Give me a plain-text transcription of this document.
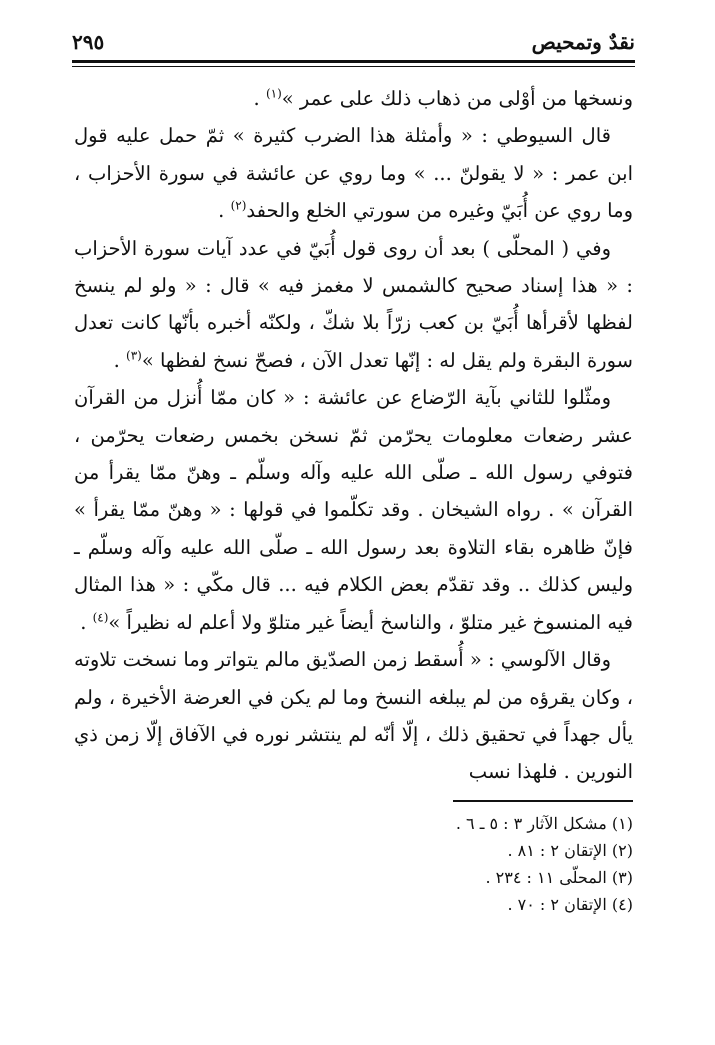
نقدٌ وتمحيص
٢٩٥

ونسخها من أوْلى من ذهاب ذلك على عمر »$^{(١)}$ .

قال السيوطي : « وأمثلة هذا الضرب كثيرة » ثمّ حمل عليه قول ابن عمر : « لا يقولنّ ... » وما روي عن عائشة في سورة الأحزاب ، وما روي عن أُبَيّ وغيره من سورتي الخلع والحفد$^{(٢)}$ .

وفي ( المحلّى ) بعد أن روى قول أُبَيّ في عدد آيات سورة الأحزاب : « هذا إسناد صحيح كالشمس لا مغمز فيه » قال : « ولو لم ينسخ لفظها لأقرأها أُبَيّ بن كعب زرّاً بلا شكّ ، ولكنّه أخبره بأنّها كانت تعدل سورة البقرة ولم يقل له : إنّها تعدل الآن ، فصحّ نسخ لفظها »$^{(٣)}$ .

ومثّلوا للثاني بآية الرّضاع عن عائشة : « كان ممّا أُنزل من القرآن عشر رضعات معلومات يحرّمن ثمّ نسخن بخمس رضعات يحرّمن ، فتوفي رسول الله ـ صلّى الله عليه وآله وسلّم ـ وهنّ ممّا يقرأ من القرآن » . رواه الشيخان . وقد تكلّموا في قولها : « وهنّ ممّا يقرأ » فإنّ ظاهره بقاء التلاوة بعد رسول الله ـ صلّى الله عليه وآله وسلّم ـ وليس كذلك .. وقد تقدّم بعض الكلام فيه ... قال مكّي : « هذا المثال فيه المنسوخ غير متلوّ ، والناسخ أيضاً غير متلوّ ولا أعلم له نظيراً »$^{(٤)}$ .

وقال الآلوسي : « أُسقط زمن الصدّيق مالم يتواتر وما نسخت تلاوته ، وكان يقرؤه من لم يبلغه النسخ وما لم يكن في العرضة الأخيرة ، ولم يأل جهداً في تحقيق ذلك ، إلّا أنّه لم ينتشر نوره في الآفاق إلّا زمن ذي النورين . فلهذا نسب

(١) مشكل الآثار ٣ : ٥ ـ ٦ .
(٢) الإتقان ٢ : ٨١ .
(٣) المحلّى ١١ : ٢٣٤ .
(٤) الإتقان ٢ : ٧٠ .
